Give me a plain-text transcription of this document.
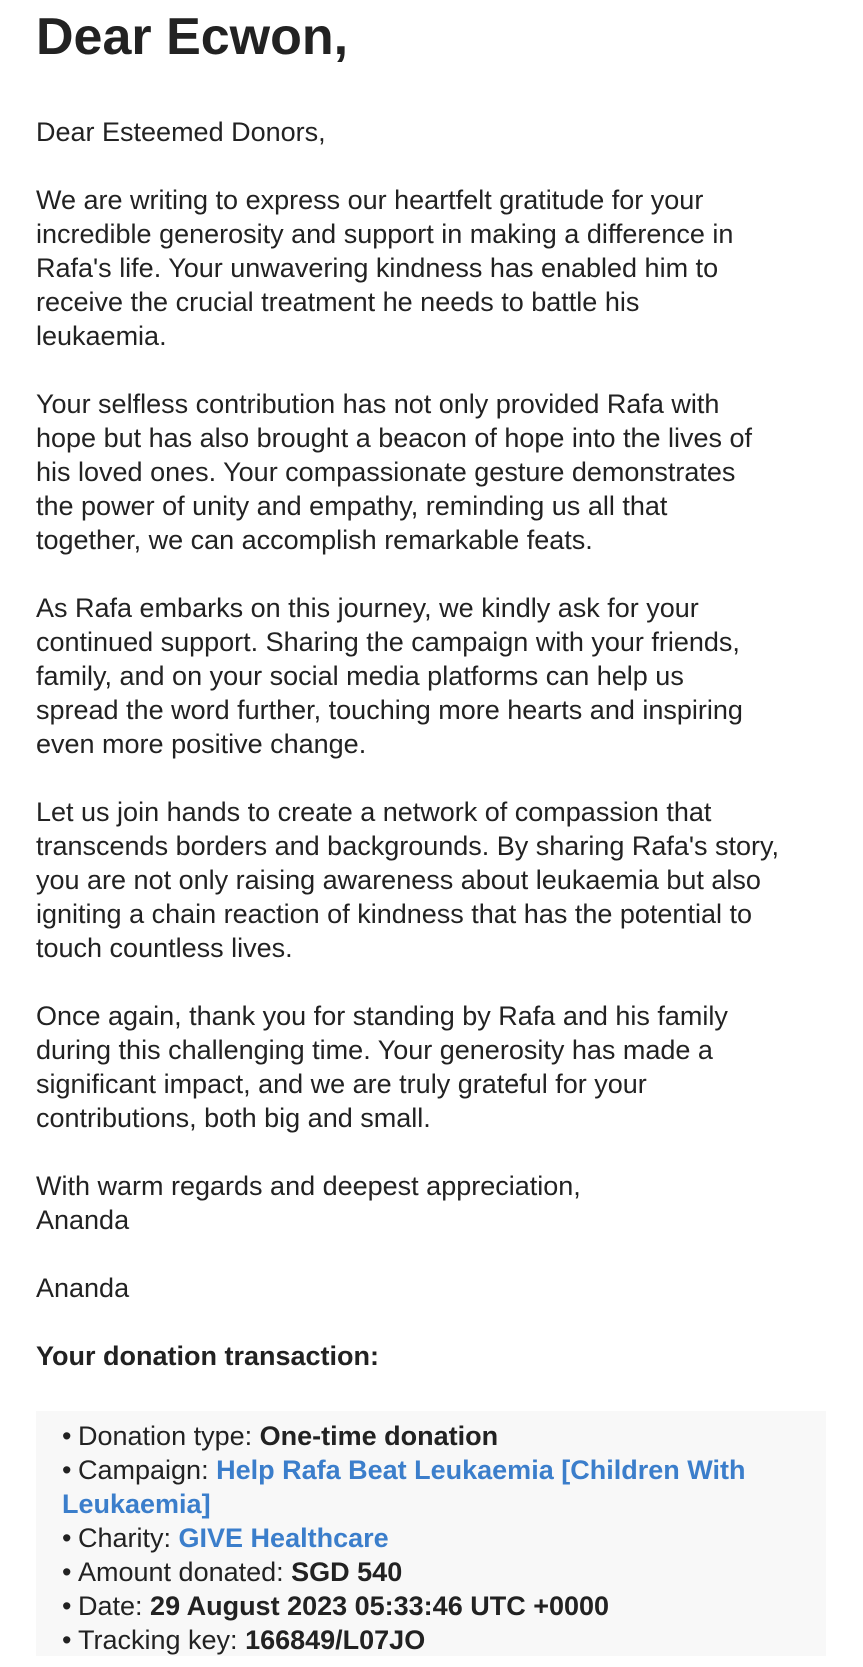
Dear Ecwon,

Dear Esteemed Donors,

We are writing to express our heartfelt gratitude for your
incredible generosity and support in making a difference in
Rafa's life. Your unwavering kindness has enabled him to
receive the crucial treatment he needs to battle his
leukaemia.

Your selfless contribution has not only provided Rafa with
hope but has also brought a beacon of hope into the lives of
his loved ones. Your compassionate gesture demonstrates
the power of unity and empathy, reminding us all that
together, we can accomplish remarkable feats.

As Rafa embarks on this journey, we kindly ask for your
continued support. Sharing the campaign with your friends,
family, and on your social media platforms can help us
spread the word further, touching more hearts and inspiring
even more positive change.

Let us join hands to create a network of compassion that
transcends borders and backgrounds. By sharing Rafa's story,
you are not only raising awareness about leukaemia but also
igniting a chain reaction of kindness that has the potential to
touch countless lives.

Once again, thank you for standing by Rafa and his family
during this challenging time. Your generosity has made a
significant impact, and we are truly grateful for your
contributions, both big and small.

With warm regards and deepest appreciation,
Ananda

Ananda

Your donation transaction:

• Donation type: One-time donation
• Campaign: Help Rafa Beat Leukaemia [Children With
Leukaemia]
• Charity: GIVE Healthcare
• Amount donated: SGD 540
• Date: 29 August 2023 05:33:46 UTC +0000
• Tracking key: 166849/L07JO
